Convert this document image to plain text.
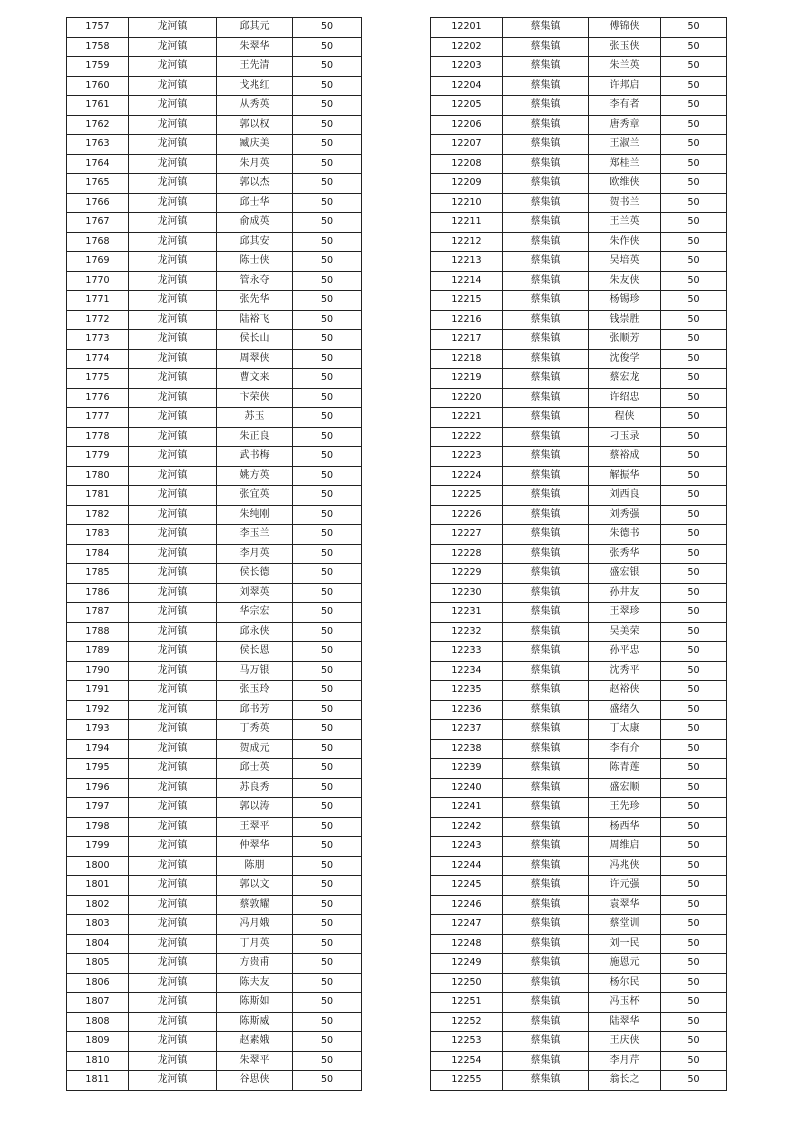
1757	龙河镇	邱其元	50
1758	龙河镇	朱翠华	50
1759	龙河镇	王先清	50
1760	龙河镇	戈兆红	50
1761	龙河镇	从秀英	50
1762	龙河镇	郭以权	50
1763	龙河镇	臧庆美	50
1764	龙河镇	朱月英	50
1765	龙河镇	郭以杰	50
1766	龙河镇	邱士华	50
1767	龙河镇	俞成英	50
1768	龙河镇	邱其安	50
1769	龙河镇	陈士侠	50
1770	龙河镇	管永夺	50
1771	龙河镇	张先华	50
1772	龙河镇	陆裕飞	50
1773	龙河镇	侯长山	50
1774	龙河镇	周翠侠	50
1775	龙河镇	曹文来	50
1776	龙河镇	卞荣侠	50
1777	龙河镇	苏玉	50
1778	龙河镇	朱正良	50
1779	龙河镇	武书梅	50
1780	龙河镇	姚方英	50
1781	龙河镇	张宜英	50
1782	龙河镇	朱纯刚	50
1783	龙河镇	李玉兰	50
1784	龙河镇	李月英	50
1785	龙河镇	侯长德	50
1786	龙河镇	刘翠英	50
1787	龙河镇	华宗宏	50
1788	龙河镇	邱永侠	50
1789	龙河镇	侯长恩	50
1790	龙河镇	马万银	50
1791	龙河镇	张玉玲	50
1792	龙河镇	邱书芳	50
1793	龙河镇	丁秀英	50
1794	龙河镇	贺成元	50
1795	龙河镇	邱士英	50
1796	龙河镇	苏良秀	50
1797	龙河镇	郭以涛	50
1798	龙河镇	王翠平	50
1799	龙河镇	仲翠华	50
1800	龙河镇	陈朋	50
1801	龙河镇	郭以文	50
1802	龙河镇	蔡敦耀	50
1803	龙河镇	冯月娥	50
1804	龙河镇	丁月英	50
1805	龙河镇	方贵甫	50
1806	龙河镇	陈夫友	50
1807	龙河镇	陈斯如	50
1808	龙河镇	陈斯威	50
1809	龙河镇	赵素娥	50
1810	龙河镇	朱翠平	50
1811	龙河镇	谷思侠	50
12201	蔡集镇	傅锦侠	50
12202	蔡集镇	张玉侠	50
12203	蔡集镇	朱兰英	50
12204	蔡集镇	许邦启	50
12205	蔡集镇	李有者	50
12206	蔡集镇	唐秀章	50
12207	蔡集镇	王淑兰	50
12208	蔡集镇	郑桂兰	50
12209	蔡集镇	欧维侠	50
12210	蔡集镇	贺书兰	50
12211	蔡集镇	王兰英	50
12212	蔡集镇	朱作侠	50
12213	蔡集镇	吴培英	50
12214	蔡集镇	朱友侠	50
12215	蔡集镇	杨锡珍	50
12216	蔡集镇	钱崇胜	50
12217	蔡集镇	张顺芳	50
12218	蔡集镇	沈俊学	50
12219	蔡集镇	蔡宏龙	50
12220	蔡集镇	许绍忠	50
12221	蔡集镇	程侠	50
12222	蔡集镇	刁玉录	50
12223	蔡集镇	蔡裕成	50
12224	蔡集镇	解振华	50
12225	蔡集镇	刘西良	50
12226	蔡集镇	刘秀强	50
12227	蔡集镇	朱德书	50
12228	蔡集镇	张秀华	50
12229	蔡集镇	盛宏银	50
12230	蔡集镇	孙井友	50
12231	蔡集镇	王翠珍	50
12232	蔡集镇	吴美荣	50
12233	蔡集镇	孙平忠	50
12234	蔡集镇	沈秀平	50
12235	蔡集镇	赵裕侠	50
12236	蔡集镇	盛绪久	50
12237	蔡集镇	丁太康	50
12238	蔡集镇	李有介	50
12239	蔡集镇	陈青莲	50
12240	蔡集镇	盛宏顺	50
12241	蔡集镇	王先珍	50
12242	蔡集镇	杨西华	50
12243	蔡集镇	周维启	50
12244	蔡集镇	冯兆侠	50
12245	蔡集镇	许元强	50
12246	蔡集镇	袁翠华	50
12247	蔡集镇	蔡堂训	50
12248	蔡集镇	刘一民	50
12249	蔡集镇	施恩元	50
12250	蔡集镇	杨尔民	50
12251	蔡集镇	冯玉杯	50
12252	蔡集镇	陆翠华	50
12253	蔡集镇	王庆侠	50
12254	蔡集镇	李月芹	50
12255	蔡集镇	翁长之	50
